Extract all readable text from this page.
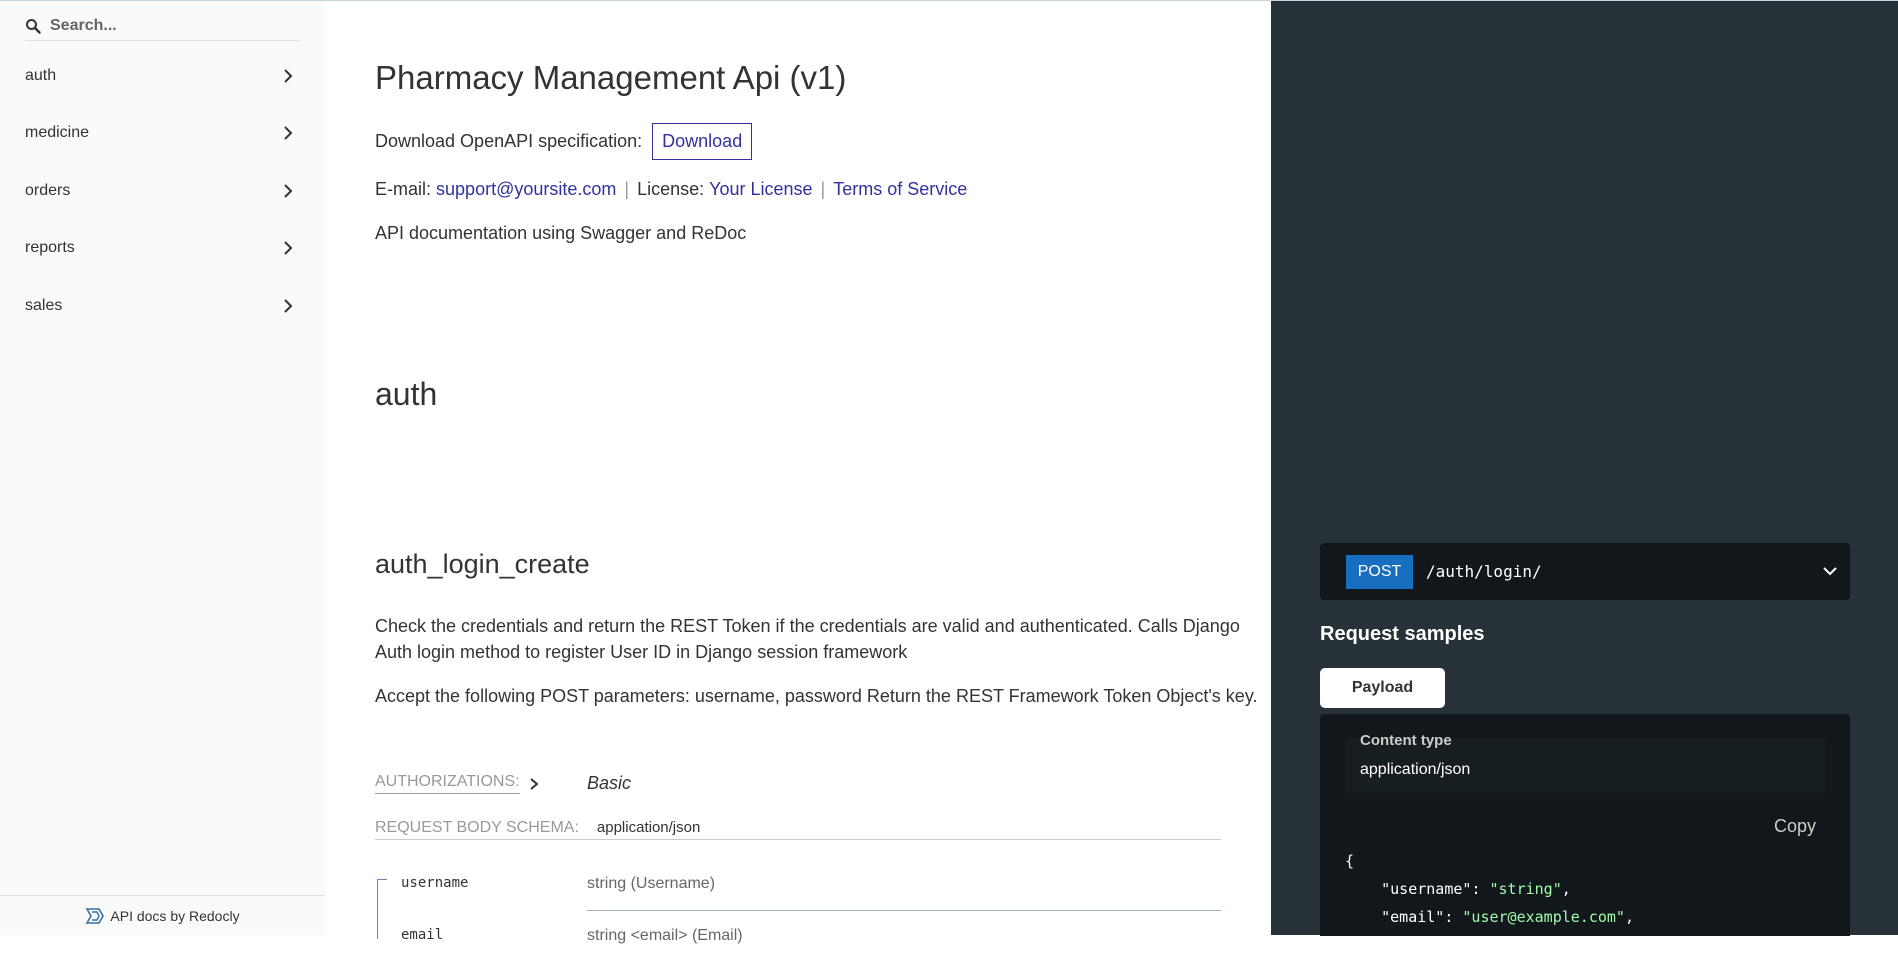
Search...
auth
medicine
orders
reports
sales
API docs by Redocly
Pharmacy Management Api (v1)
Download OpenAPI specification:	Download
E-mail:
support@yoursite.com | License:
Your License | Terms of Service

API documentation using Swagger and ReDoc

auth
auth_login_create

Check the credentials and return the REST Token if the credentials are valid and authenticated. Calls Django Auth login method to register User ID in Django session framework

Accept the following POST parameters: username, password Return the REST Framework Token Object's key.

AUTHORIZATIONS:	Basic
REQUEST BODY SCHEMA: application/json
username	string (Username)
email	string <email> (Email)
POST	/auth/login/
Request samples
Payload
Content type
application/json
Copy
{
"username": "string",
"email": "user@example.com",
